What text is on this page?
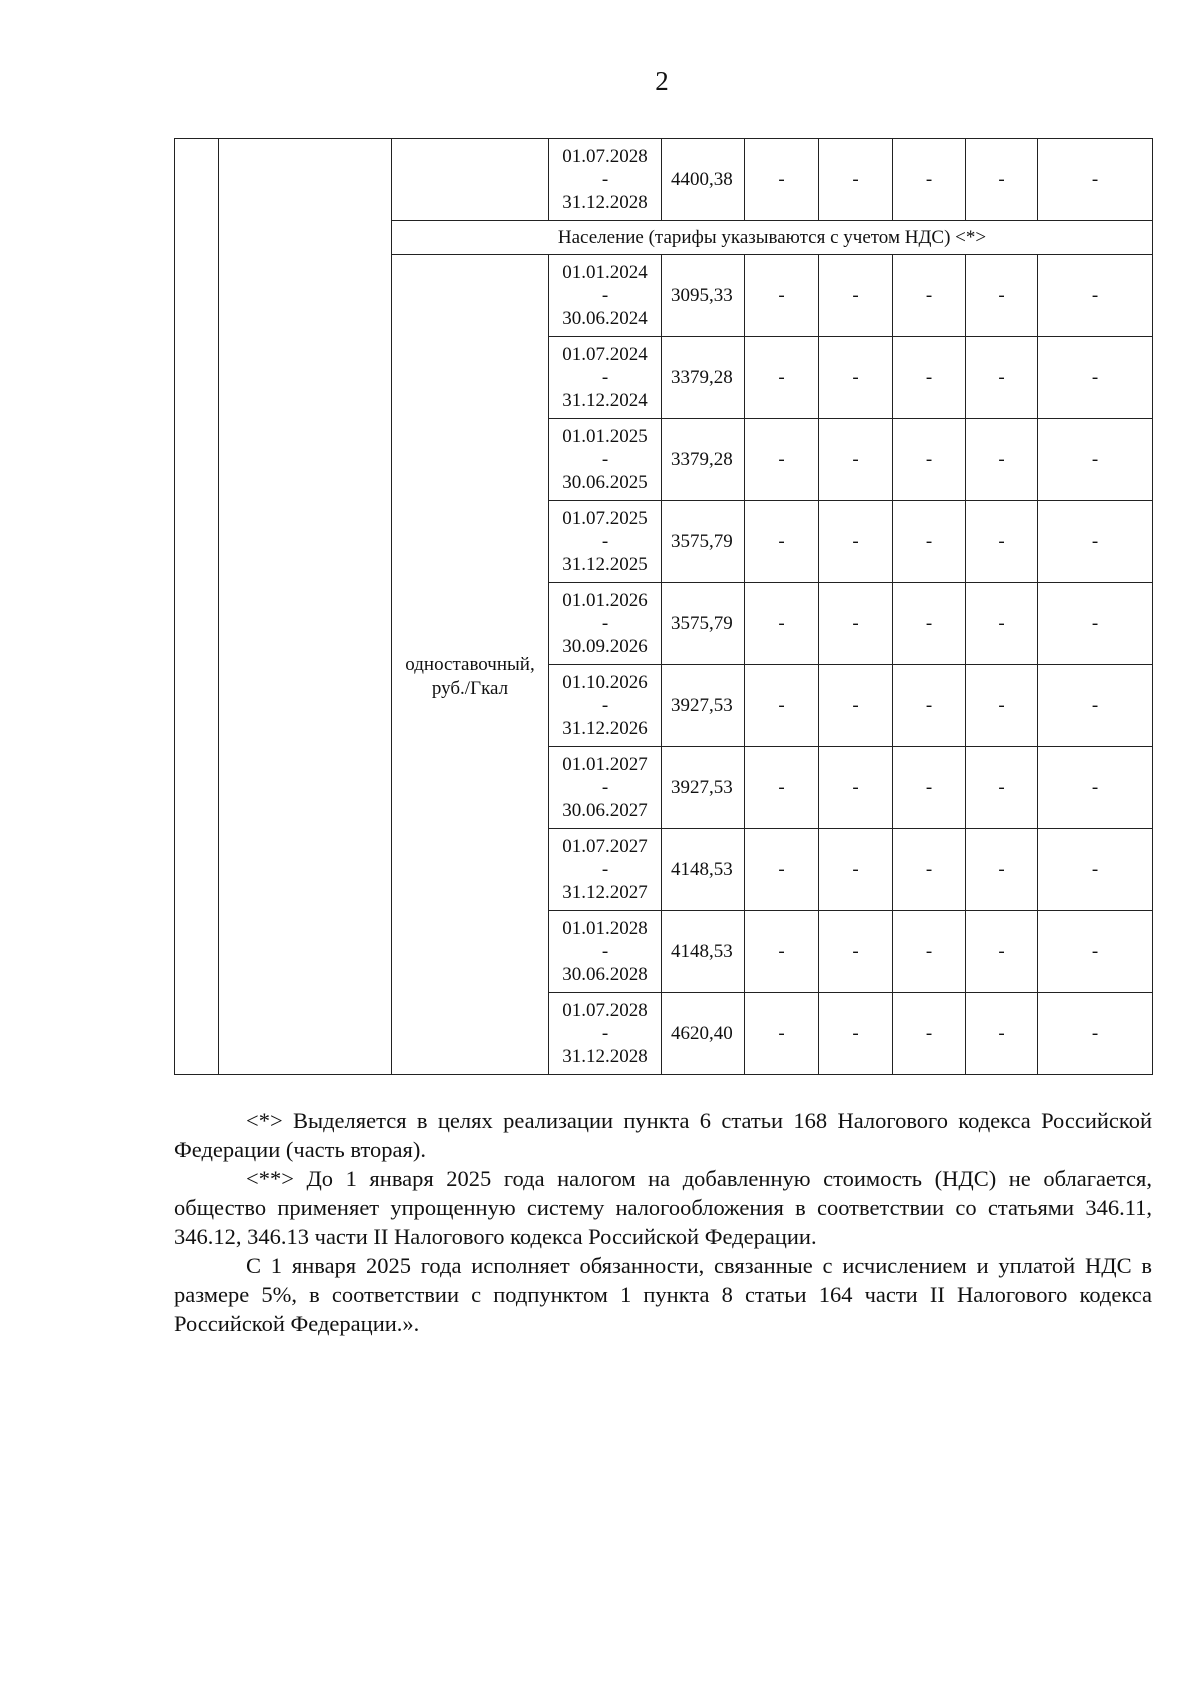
2

			01.07.2028
-
31.12.2028	4400,38	-	-	-	-	-
		Население (тарифы указываются с учетом НДС) <*>							
		одноставочный, руб./Гкал	01.01.2024
-
30.06.2024	3095,33	-	-	-	-	-

			01.07.2024
-
31.12.2024	3379,28	-	-	-	-	-

			01.01.2025
-
30.06.2025	3379,28	-	-	-	-	-

			01.07.2025
-
31.12.2025	3575,79	-	-	-	-	-

			01.01.2026
-
30.09.2026	3575,79	-	-	-	-	-

			01.10.2026
-
31.12.2026	3927,53	-	-	-	-	-

			01.01.2027
-
30.06.2027	3927,53	-	-	-	-	-

			01.07.2027
-
31.12.2027	4148,53	-	-	-	-	-

			01.01.2028
-
30.06.2028	4148,53	-	-	-	-	-

			01.07.2028
-
31.12.2028	4620,40	-	-	-	-	-

<*> Выделяется в целях реализации пункта 6 статьи 168 Налогового кодекса Российской Федерации (часть вторая).

<**> До 1 января 2025 года налогом на добавленную стоимость (НДС) не облагается, общество применяет упрощенную систему налогообложения в соответствии со статьями 346.11, 346.12, 346.13 части II Налогового кодекса Российской Федерации.

С 1 января 2025 года исполняет обязанности, связанные с исчислением и уплатой НДС в размере 5%, в соответствии с подпунктом 1 пункта 8 статьи 164 части II Налогового кодекса Российской Федерации.».
